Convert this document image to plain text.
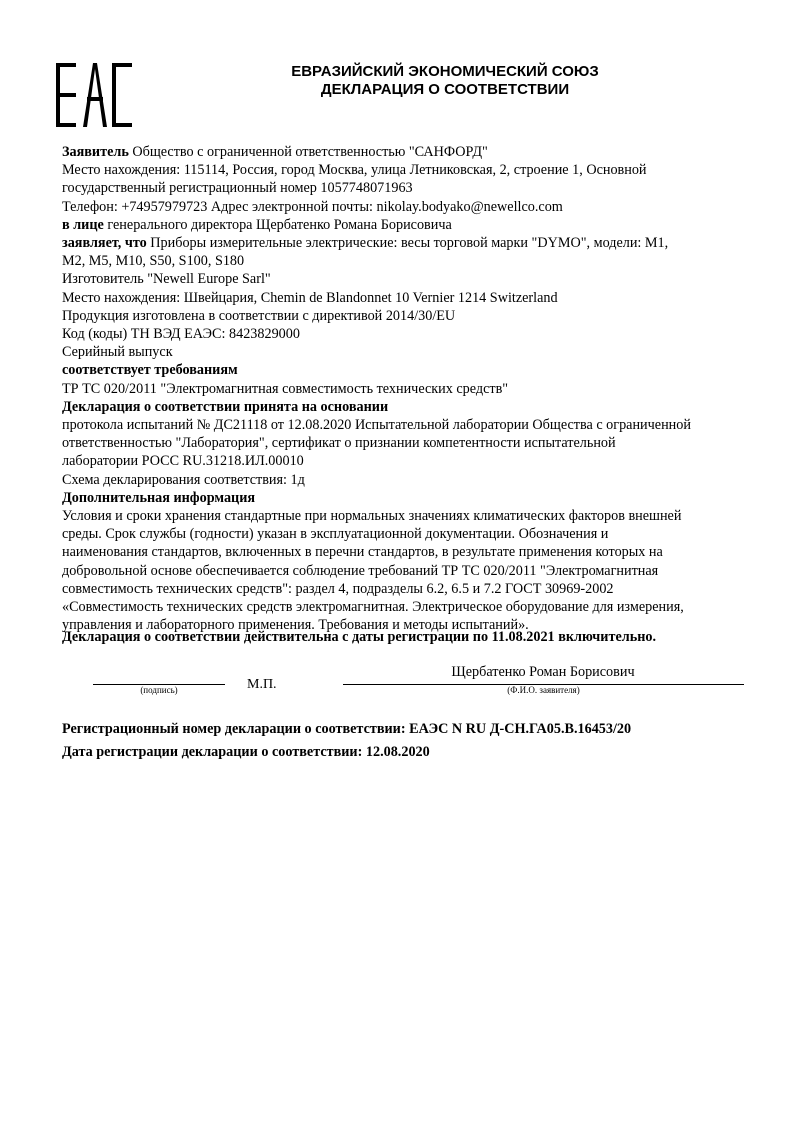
ЕВРАЗИЙСКИЙ ЭКОНОМИЧЕСКИЙ СОЮЗ
ДЕКЛАРАЦИЯ О СООТВЕТСТВИИ
Заявитель Общество с ограниченной ответственностью "САНФОРД"
Место нахождения: 115114, Россия, город Москва, улица Летниковская, 2, строение 1, Основной
государственный регистрационный номер 1057748071963
Телефон: +74957979723 Адрес электронной почты: nikolay.bodyako@newellco.com
в лице генерального директора Щербатенко Романа Борисовича
заявляет, что Приборы измерительные электрические: весы торговой марки "DYMO", модели: M1,
M2, M5, M10, S50, S100, S180
Изготовитель "Newell Europe Sarl"
Место нахождения: Швейцария, Chemin de Blandonnet 10 Vernier 1214 Switzerland
Продукция изготовлена в соответствии с директивой 2014/30/EU
Код (коды) ТН ВЭД ЕАЭС: 8423829000
Серийный выпуск
соответствует требованиям
ТР ТС 020/2011 "Электромагнитная совместимость технических средств"
Декларация о соответствии принята на основании
протокола испытаний № ДС21118 от 12.08.2020 Испытательной лаборатории Общества с ограниченной
ответственностью "Лаборатория", сертификат о признании компетентности испытательной
лаборатории РОСС RU.31218.ИЛ.00010
Схема декларирования соответствия: 1д
Дополнительная информация
Условия и сроки хранения стандартные при нормальных значениях климатических факторов внешней
среды. Срок службы (годности) указан в эксплуатационной документации. Обозначения и
наименования стандартов, включенных в перечни стандартов, в результате применения которых на
добровольной основе обеспечивается соблюдение требований ТР ТС 020/2011 "Электромагнитная
совместимость технических средств": раздел 4, подразделы 6.2, 6.5 и 7.2 ГОСТ 30969-2002
«Совместимость технических средств электромагнитная. Электрическое оборудование для измерения,
управления и лабораторного применения. Требования и методы испытаний».
Декларация о соответствии действительна с даты регистрации по 11.08.2021 включительно.
(подпись)	М.П.
Щербатенко Роман Борисович
(Ф.И.О. заявителя)
Регистрационный номер декларации о соответствии: ЕАЭС N RU Д-CH.ГА05.В.16453/20
Дата регистрации декларации о соответствии: 12.08.2020
